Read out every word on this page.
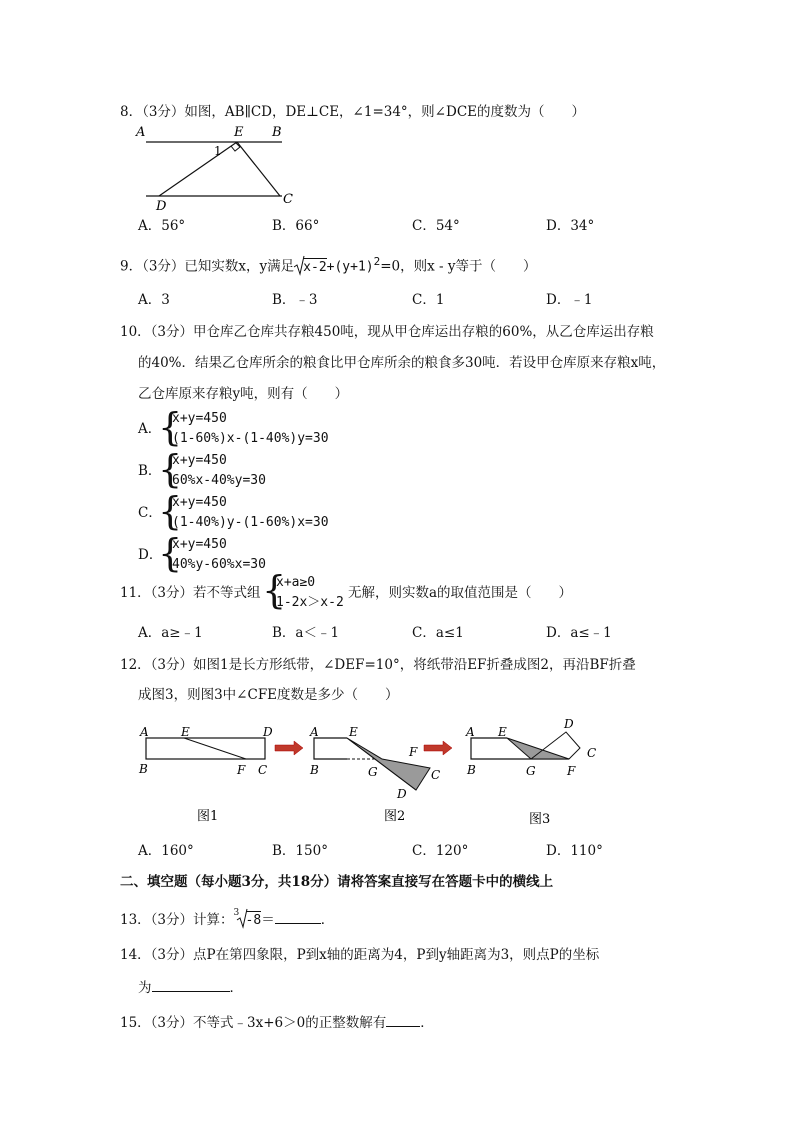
8．（3分）如图，AB∥CD，DE⊥CE，∠1=34°，则∠DCE的度数为（　　）
A	E B
1
D	C
A．56°	B．66°	C．54°	D．34°
9．（3分）已知实数x，y满足 $x-2+(y+1)^2=0$，则x - y等于（　　）
A．3	B．﹣3	C．1	D．﹣1
10．（3分）甲仓库乙仓库共存粮450吨，现从甲仓库运出存粮的60%，从乙仓库运出存粮
的40%．结果乙仓库所余的粮食比甲仓库所余的粮食多30吨．若设甲仓库原来存粮x吨，
乙仓库原来存粮y吨，则有（　　）
A．
{
x+y=450
(1-60%)x-(1-40%)y=30
B．
{
x+y=450
60%x-40%y=30
C．
{
x+y=450
(1-40%)y-(1-60%)x=30
D．
{
x+y=450
40%y-60%x=30
11．（3分）若不等式组 {
x+a≥0
1-2x＞x-2
无解，则实数a的取值范围是（　　）
A．a≥﹣1	B．a＜﹣1	C．a≤1	D．a≤﹣1
12．（3分）如图1是长方形纸带，∠DEF=10°，将纸带沿EF折叠成图2，再沿BF折叠
成图3，则图3中∠CFE度数是多少（　　）
A	E	D
B	F C
图1
A	E
B	G
F
C
D
图2
A E
D
C
B	G	F
图3
A．160°	B．150°	C．120°	D．110°
二、填空题（每小题3分，共18分）请将答案直接写在答题卡中的横线上
13．（3分）计算： 3 -8＝	．
14．（3分）点P在第四象限，P到x轴的距离为4，P到y轴距离为3，则点P的坐标
为	．
15．（3分）不等式﹣3x+6＞0的正整数解有	．
